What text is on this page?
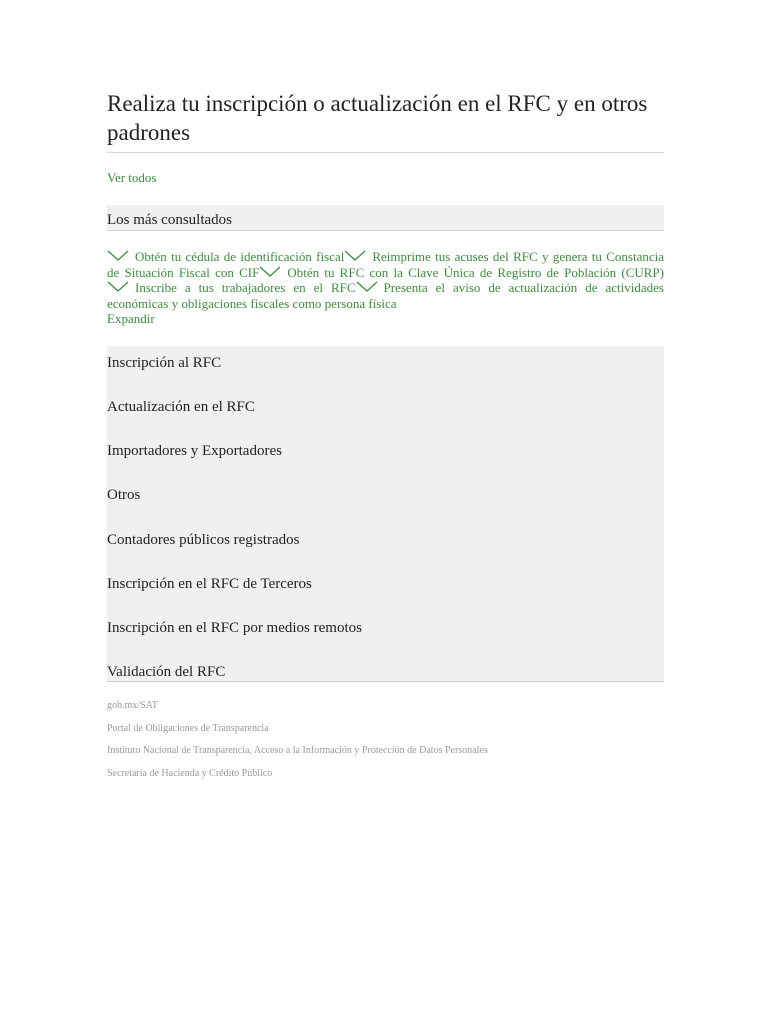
Realiza tu inscripción o actualización en el RFC y en otros padrones
Ver todos
Los más consultados
Obtén tu cédula de identificación fiscal Reimprime tus acuses del RFC y genera tu Constancia de Situación Fiscal con CIF Obtén tu RFC con la Clave Única de Registro de Población (CURP)
Inscribe a tus trabajadores en el RFC Presenta el aviso de actualización de actividades económicas y obligaciones fiscales como persona física
Expandir
Inscripción al RFC
Actualización en el RFC
Importadores y Exportadores
Otros
Contadores públicos registrados
Inscripción en el RFC de Terceros
Inscripción en el RFC por medios remotos
Validación del RFC
gob.mx/SAT
Portal de Obligaciones de Transparencia
Instituto Nacional de Transparencia, Acceso a la Información y Protección de Datos Personales
Secretaría de Hacienda y Crédito Público
